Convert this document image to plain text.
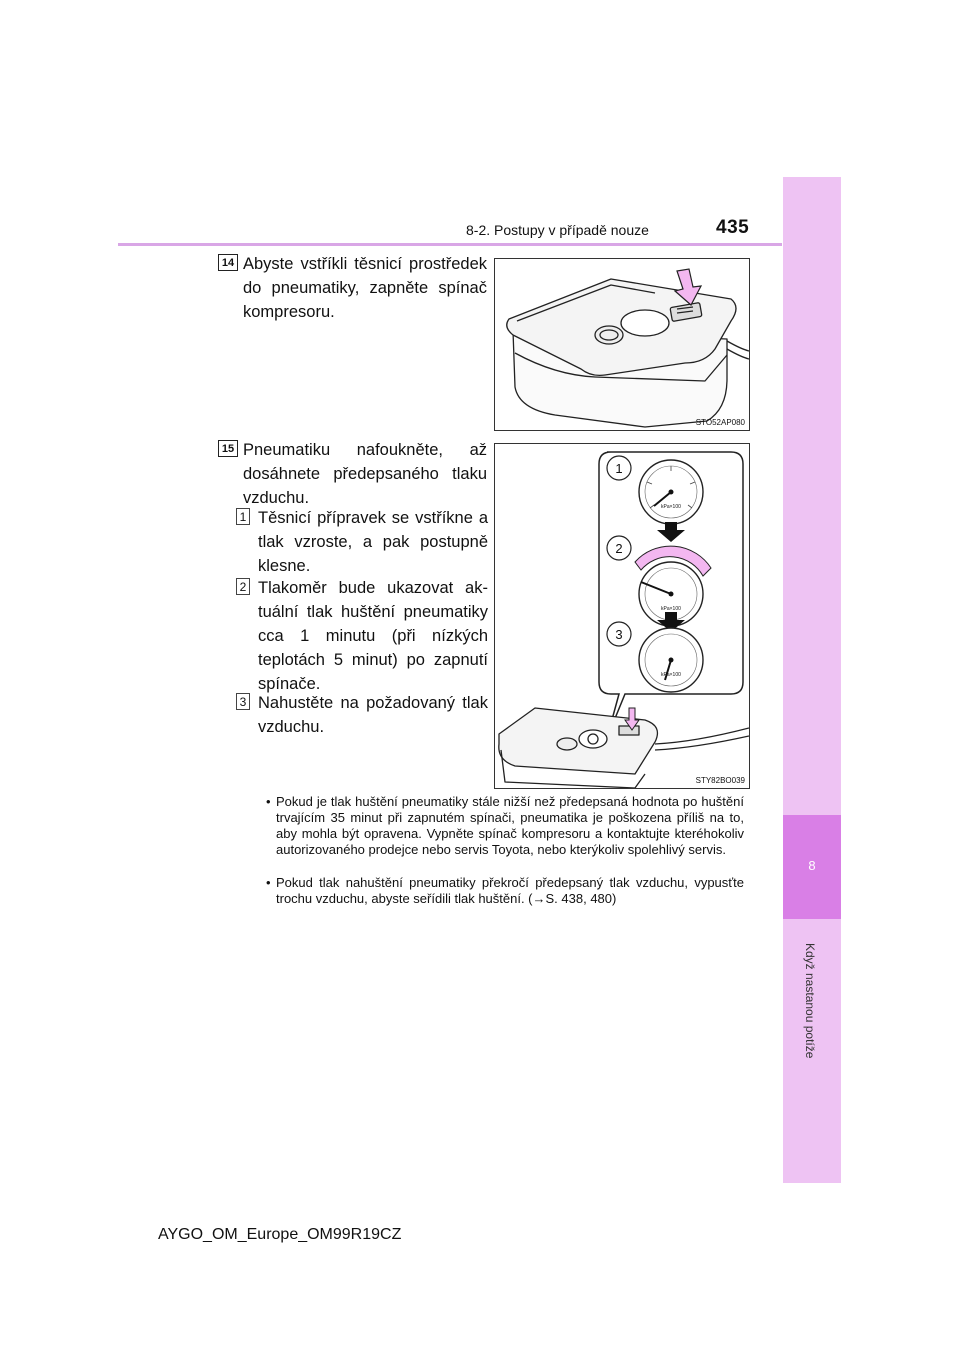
8
Když nastanou potíže
8-2. Postupy v případě nouze	435
14 Abyste vstříkli těsnicí prostředek do pneumatiky, zapněte spínač kompresoru.
STO52AP080
15 Pneumatiku nafoukněte, až dosáhnete předepsaného tlaku vzduchu.
1 Těsnicí přípravek se vstříkne a tlak vzroste, a pak postupně klesne.
2 Tlakoměr bude ukazovat aktuální tlak huštění pneumatiky cca 1 minutu (při nízkých teplotách 5 minut) po zapnutí spínače.
3 Nahustěte na požadovaný tlak vzduchu.
1
2
3
kPa×100
kPa×100
kPa×100
STY82BO039
• Pokud je tlak huštění pneumatiky stále nižší než předepsaná hodnota po huštění trvajícím 35 minut při zapnutém spínači, pneumatika je poškozena příliš na to, aby mohla být opravena. Vypněte spínač kompresoru a kontaktujte kteréhokoliv autorizovaného prodejce nebo servis Toyota, nebo kterýkoliv spolehlivý servis.
• Pokud tlak nahuštění pneumatiky překročí předepsaný tlak vzduchu, vypusťte trochu vzduchu, abyste seřídili tlak huštění. (→S. 438, 480)
AYGO_OM_Europe_OM99R19CZ
